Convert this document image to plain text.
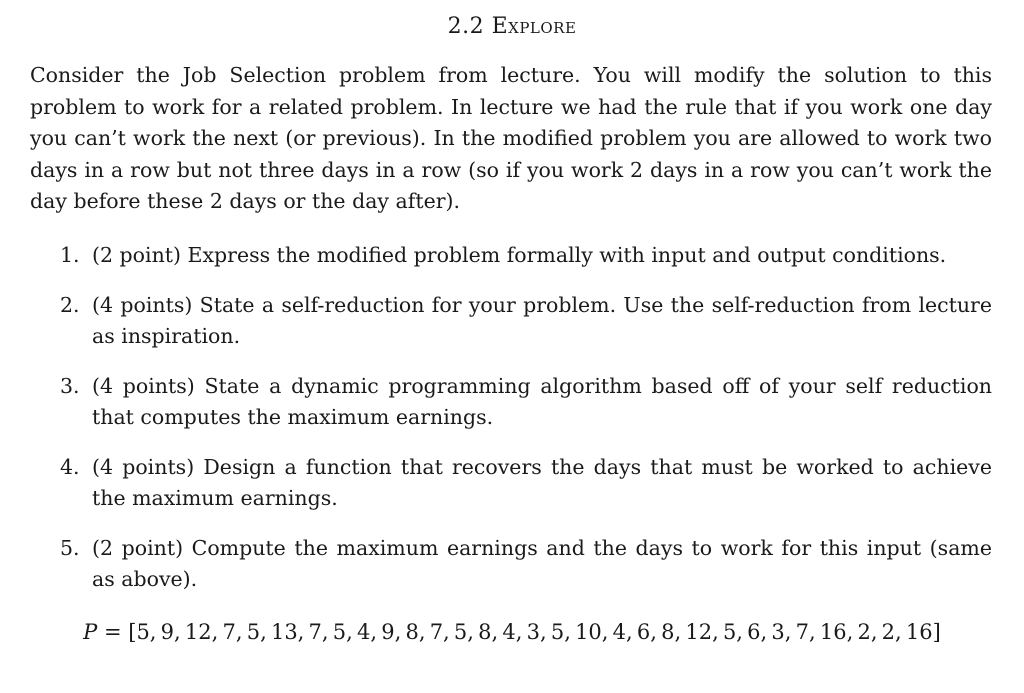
2.2 Explore

Consider the Job Selection problem from lecture. You will modify the solution to this problem to work for a related problem. In lecture we had the rule that if you work one day you can’t work the next (or previous). In the modified problem you are allowed to work two days in a row but not three days in a row (so if you work 2 days in a row you can’t work the day before these 2 days or the day after).

1. (2 point) Express the modified problem formally with input and output conditions.
2. (4 points) State a self-reduction for your problem. Use the self-reduction from lecture as inspiration.
3. (4 points) State a dynamic programming algorithm based off of your self reduction that computes the maximum earnings.
4. (4 points) Design a function that recovers the days that must be worked to achieve the maximum earnings.
5. (2 point) Compute the maximum earnings and the days to work for this input (same as above).
P = [5, 9, 12, 7, 5, 13, 7, 5, 4, 9, 8, 7, 5, 8, 4, 3, 5, 10, 4, 6, 8, 12, 5, 6, 3, 7, 16, 2, 2, 16]
